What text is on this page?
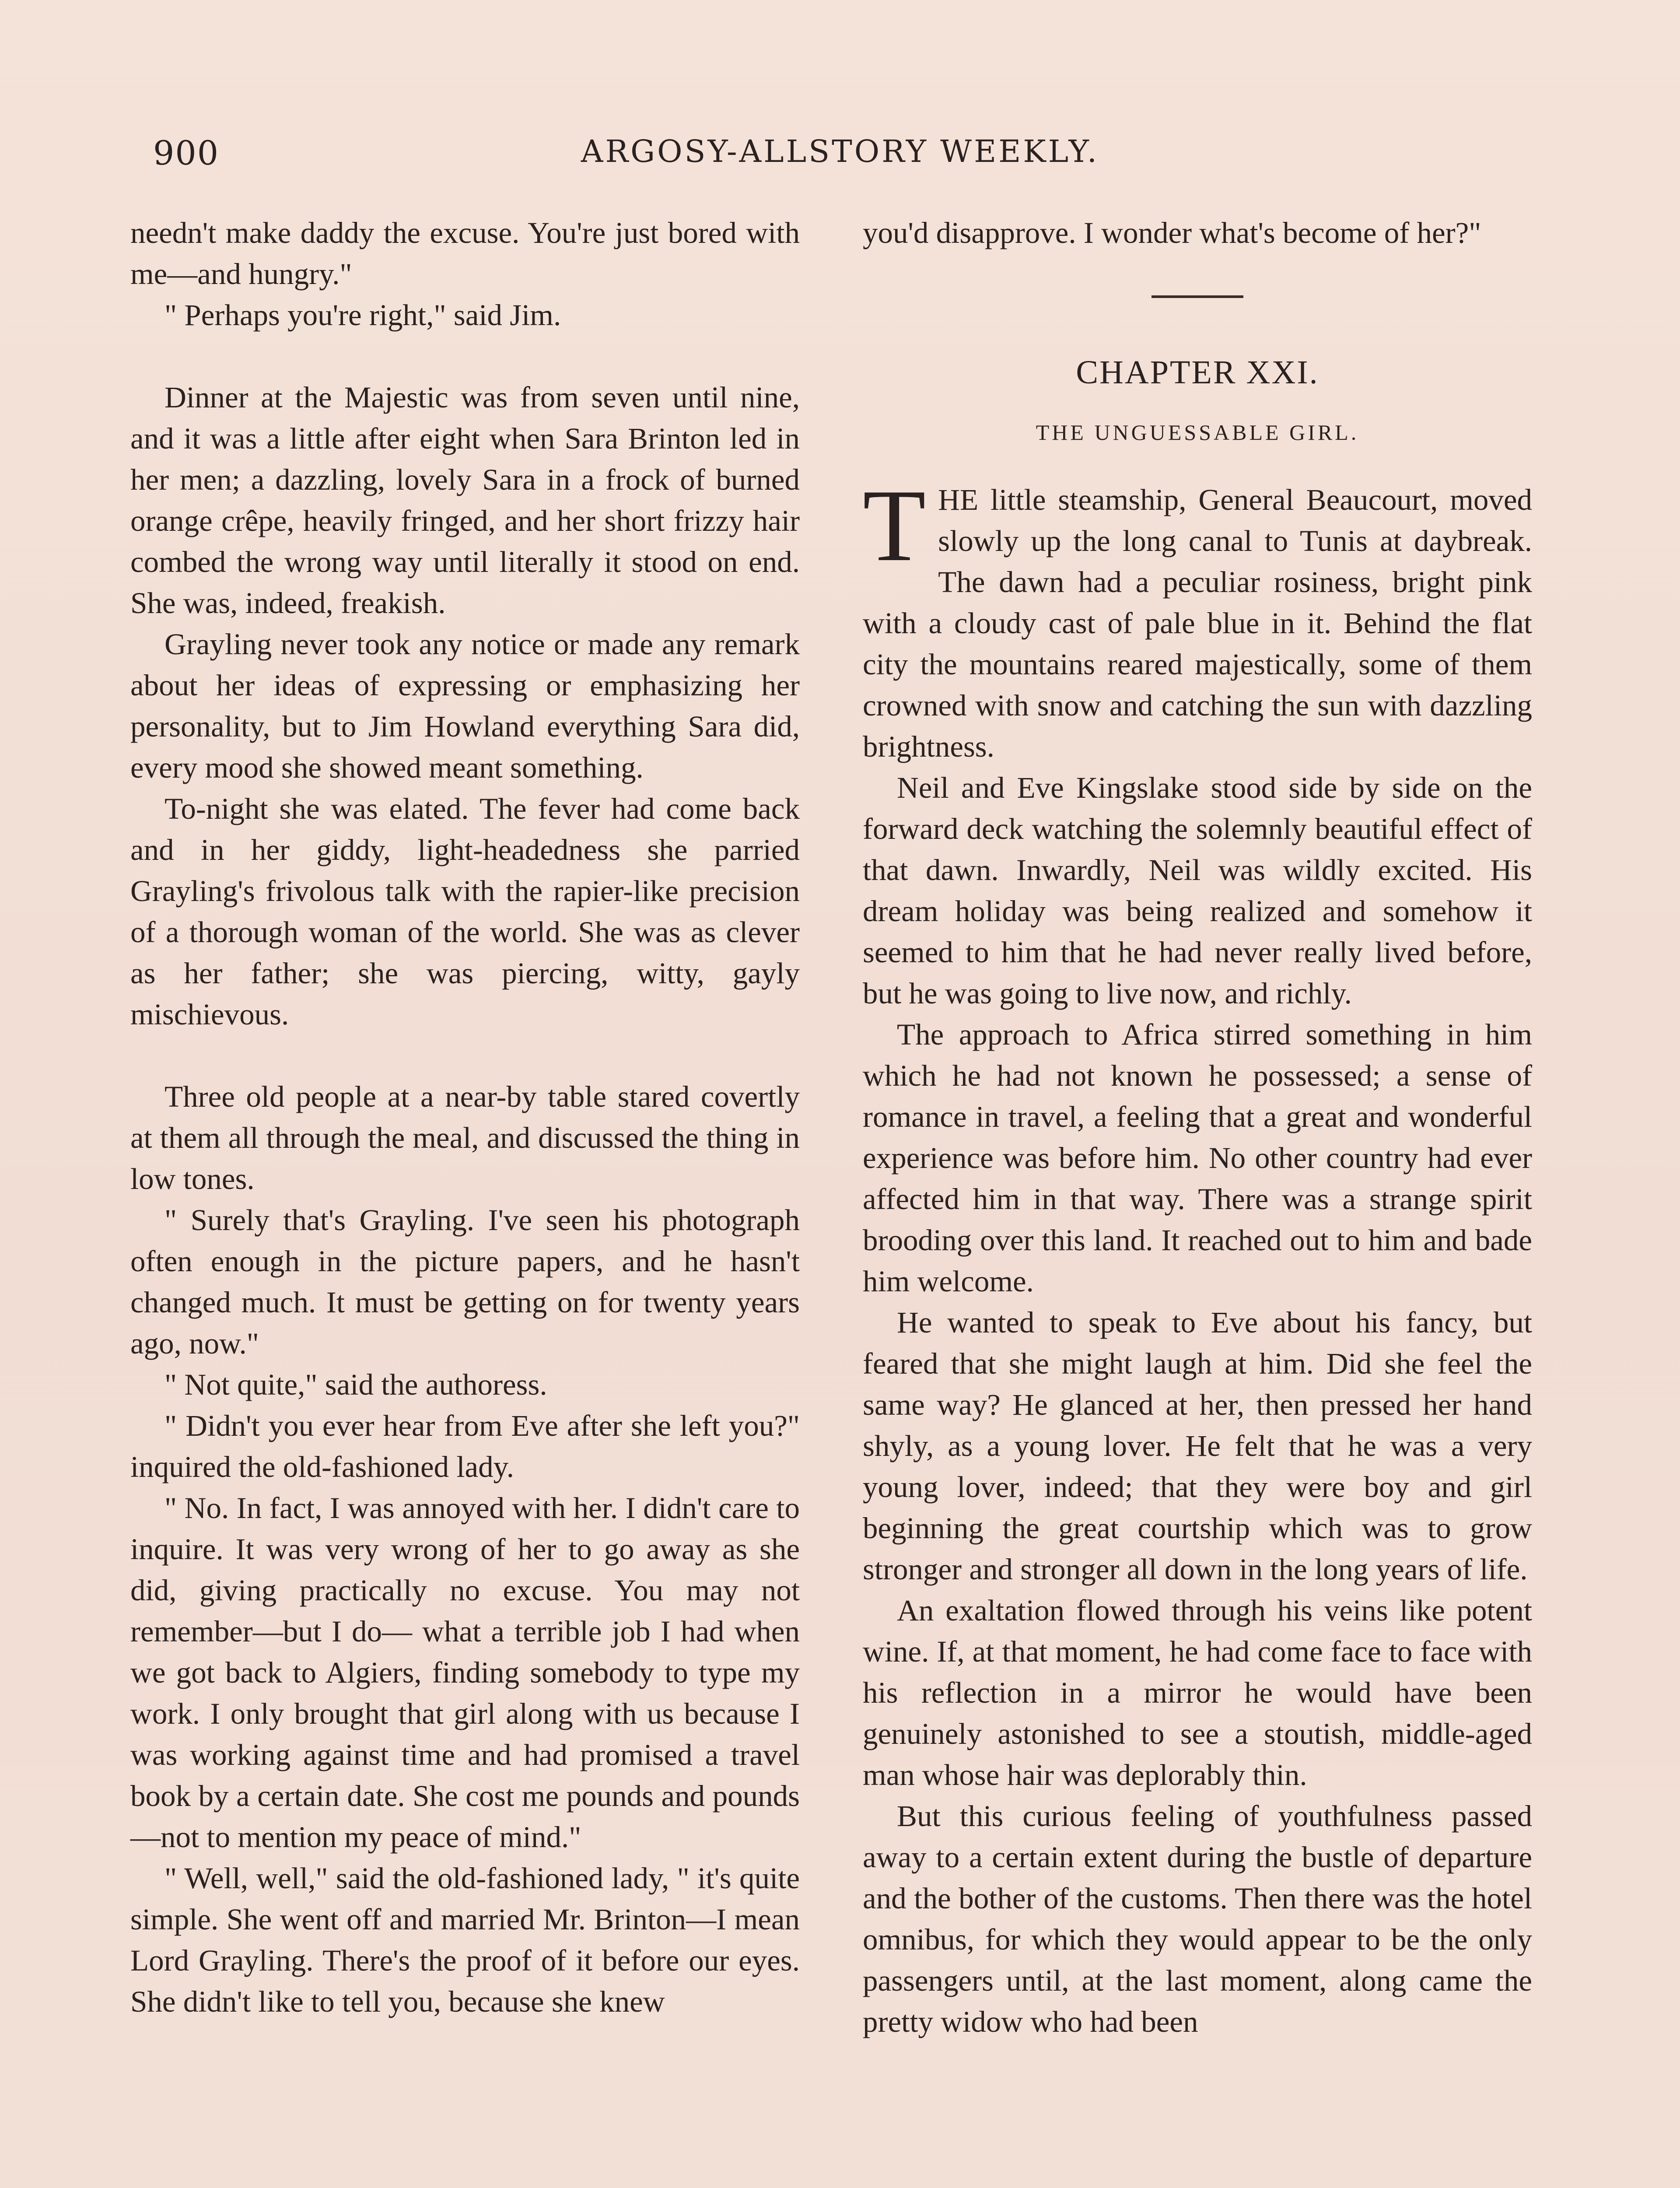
900	ARGOSY-ALLSTORY WEEKLY.

needn't make daddy the excuse. You're just bored with me—and hungry."

" Perhaps you're right," said Jim.

Dinner at the Majestic was from seven until nine, and it was a little after eight when Sara Brinton led in her men; a dazzling, lovely Sara in a frock of burned orange crêpe, heavily fringed, and her short frizzy hair combed the wrong way until literally it stood on end. She was, indeed, freakish.

Grayling never took any notice or made any remark about her ideas of expressing or emphasizing her personality, but to Jim Howland everything Sara did, every mood she showed meant something.

To-night she was elated. The fever had come back and in her giddy, light-headedness she parried Grayling's frivolous talk with the rapier-like precision of a thorough woman of the world. She was as clever as her father; she was piercing, witty, gayly mischievous.

Three old people at a near-by table stared covertly at them all through the meal, and discussed the thing in low tones.

" Surely that's Grayling. I've seen his photograph often enough in the picture papers, and he hasn't changed much. It must be getting on for twenty years ago, now."

" Not quite," said the authoress.

" Didn't you ever hear from Eve after she left you?" inquired the old-fashioned lady.

" No. In fact, I was annoyed with her. I didn't care to inquire. It was very wrong of her to go away as she did, giving practically no excuse. You may not remember—but I do— what a terrible job I had when we got back to Algiers, finding somebody to type my work. I only brought that girl along with us because I was working against time and had promised a travel book by a certain date. She cost me pounds and pounds—not to mention my peace of mind."

" Well, well," said the old-fashioned lady, " it's quite simple. She went off and married Mr. Brinton—I mean Lord Grayling. There's the proof of it before our eyes. She didn't like to tell you, because she knew

you'd disapprove. I wonder what's become of her?"

CHAPTER XXI.

THE UNGUESSABLE GIRL.

THE little steamship, General Beaucourt, moved slowly up the long canal to Tunis at daybreak. The dawn had a peculiar rosiness, bright pink with a cloudy cast of pale blue in it. Behind the flat city the mountains reared majestically, some of them crowned with snow and catching the sun with dazzling brightness.

Neil and Eve Kingslake stood side by side on the forward deck watching the solemnly beautiful effect of that dawn. Inwardly, Neil was wildly excited. His dream holiday was being realized and somehow it seemed to him that he had never really lived before, but he was going to live now, and richly.

The approach to Africa stirred something in him which he had not known he possessed; a sense of romance in travel, a feeling that a great and wonderful experience was before him. No other country had ever affected him in that way. There was a strange spirit brooding over this land. It reached out to him and bade him welcome.

He wanted to speak to Eve about his fancy, but feared that she might laugh at him. Did she feel the same way? He glanced at her, then pressed her hand shyly, as a young lover. He felt that he was a very young lover, indeed; that they were boy and girl beginning the great courtship which was to grow stronger and stronger all down in the long years of life.

An exaltation flowed through his veins like potent wine. If, at that moment, he had come face to face with his reflection in a mirror he would have been genuinely astonished to see a stoutish, middle-aged man whose hair was deplorably thin.

But this curious feeling of youthfulness passed away to a certain extent during the bustle of departure and the bother of the customs. Then there was the hotel omnibus, for which they would appear to be the only passengers until, at the last moment, along came the pretty widow who had been
